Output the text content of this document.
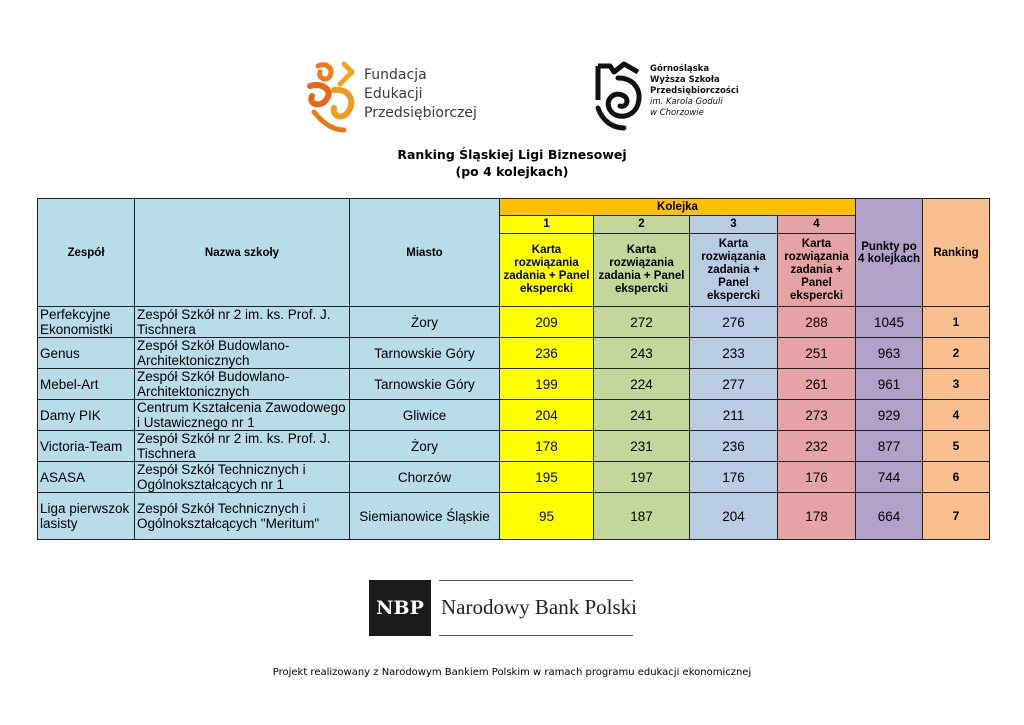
Fundacja
Edukacji
Przedsiębiorczej
Górnośląska
Wyższa Szkoła
Przedsiębiorczości
im. Karola Goduli
w Chorzowie
Ranking Śląskiej Ligi Biznesowej
(po 4 kolejkach)
Zespół	Nazwa szkoły	Miasto	Kolejka				Punkty po 4 kolejkach	Ranking
			1	2	3	4		
			Karta rozwiązania zadania + Panel ekspercki	Karta rozwiązania zadania + Panel ekspercki	Karta rozwiązania zadania + Panel ekspercki	Karta rozwiązania zadania + Panel ekspercki		
Perfekcyjne Ekonomistki	Zespół Szkół nr 2 im. ks. Prof. J. Tischnera	Żory	209	272	276	288	1045	1
Genus	Zespół Szkół Budowlano-Architektonicznych	Tarnowskie Góry	236	243	233	251	963	2
Mebel-Art	Zespół Szkół Budowlano-Architektonicznych	Tarnowskie Góry	199	224	277	261	961	3
Damy PIK	Centrum Kształcenia Zawodowego i Ustawicznego nr 1	Gliwice	204	241	211	273	929	4
Victoria-Team	Zespół Szkół nr 2 im. ks. Prof. J. Tischnera	Żory	178	231	236	232	877	5
ASASA	Zespół Szkół Technicznych i Ogólnokształcących nr 1	Chorzów	195	197	176	176	744	6
Liga pierwszoklasisty	Zespół Szkół Technicznych i Ogólnokształcących "Meritum"	Siemianowice Śląskie	95	187	204	178	664	7
NBP Narodowy Bank Polski
Projekt realizowany z Narodowym Bankiem Polskim w ramach programu edukacji ekonomicznej
